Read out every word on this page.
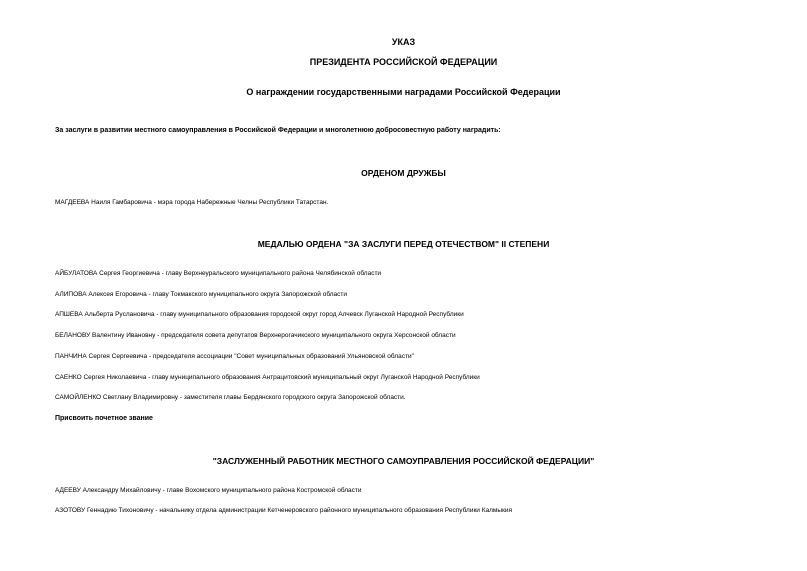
УКАЗ
ПРЕЗИДЕНТА РОССИЙСКОЙ ФЕДЕРАЦИИ
О награждении государственными наградами Российской Федерации
За заслуги в развитии местного самоуправления в Российской Федерации и многолетнюю добросовестную работу наградить:
ОРДЕНОМ ДРУЖБЫ
МАГДЕЕВА Наиля Гамбаровича - мэра города Набережные Челны Республики Татарстан.
МЕДАЛЬЮ ОРДЕНА "ЗА ЗАСЛУГИ ПЕРЕД ОТЕЧЕСТВОМ" II СТЕПЕНИ
АЙБУЛАТОВА Сергея Георгиевича - главу Верхнеуральского муниципального района Челябинской области
АЛИПОВА Алексея Егоровича - главу Токмакского муниципального округа Запорожской области
АПШЕВА Альберта Руслановича - главу муниципального образования городской округ город Алчевск Луганской Народной Республики
БЕЛАНОВУ Валентину Ивановну - председателя совета депутатов Верхнерогачикского муниципального округа Херсонской области
ПАНЧИНА Сергея Сергеевича - председателя ассоциации "Совет муниципальных образований Ульяновской области"
САЕНКО Сергея Николаевича - главу муниципального образования Антрацитовский муниципальный округ Луганской Народной Республики
САМОЙЛЕНКО Светлану Владимировну - заместителя главы Бердянского городского округа Запорожской области.
Присвоить почетное звание
"ЗАСЛУЖЕННЫЙ РАБОТНИК МЕСТНОГО САМОУПРАВЛЕНИЯ РОССИЙСКОЙ ФЕДЕРАЦИИ"
АДЕЕВУ Александру Михайловичу - главе Вохомского муниципального района Костромской области
АЗОТОВУ Геннадию Тихоновичу - начальнику отдела администрации Кетченеровского районного муниципального образования Республики Калмыкия
